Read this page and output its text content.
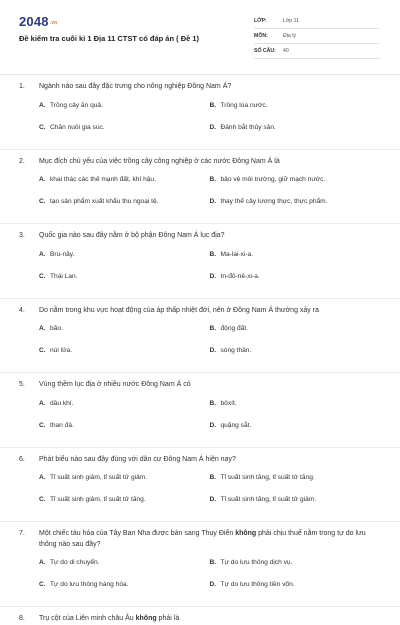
2048.vn
Đề kiểm tra cuối kì 1 Địa 11 CTST có đáp án ( Đề 1)
LỚP:	Lớp 11
MÔN:	Địa lý
SỐ CÂU:	40
1.	Ngành nào sau đây đặc trưng cho nông nghiệp Đông Nam Á?
A. Trồng cây ăn quả.	B. Trồng lúa nước.
C. Chăn nuôi gia súc.	D. Đánh bắt thủy sản.
2.	Mục đích chủ yếu của việc trồng cây công nghiệp ở các nước Đông Nam Á là
A. khai thác các thế mạnh đất, khí hậu.	B. bảo vệ môi trường, giữ mạch nước.
C. tạo sản phẩm xuất khẩu thu ngoại tệ.	D. thay thế cây lương thực, thực phẩm.
3.	Quốc gia nào sau đây nằm ở bộ phận Đông Nam Á lục địa?
A. Bru-nây.	B. Ma-lai-xi-a.
C. Thái Lan.	D. In-đô-nê-xi-a.
4.	Do nằm trong khu vực hoạt động của áp thấp nhiệt đới, nên ở Đông Nam Á thường xảy ra
A. bão.	B. động đất.
C. núi lửa.	D. sóng thần.
5.	Vùng thềm lục địa ở nhiều nước Đông Nam Á có
A. dầu khí.	B. bôxít.
C. than đá.	D. quặng sắt.
6.	Phát biểu nào sau đây đúng với dân cư Đông Nam Á hiện nay?
A. Tỉ suất sinh giảm, tỉ suất tử giảm.	B. Tỉ suất sinh tăng, tỉ suất tử tăng.
C. Tỉ suất sinh giảm, tỉ suất tử tăng.	D. Tỉ suất sinh tăng, tỉ suất tử giảm.
7.	Một chiếc tàu hỏa của Tây Ban Nha được bán sang Thụy Điển không phải chịu thuế nằm trong tự do lưu thông nào sau đây?
A. Tự do di chuyển.	B. Tự do lưu thông dịch vụ.
C. Tự do lưu thông hàng hóa.	D. Tự do lưu thông tiền vốn.
8.	Trụ cột của Liên minh châu Âu không phải là
